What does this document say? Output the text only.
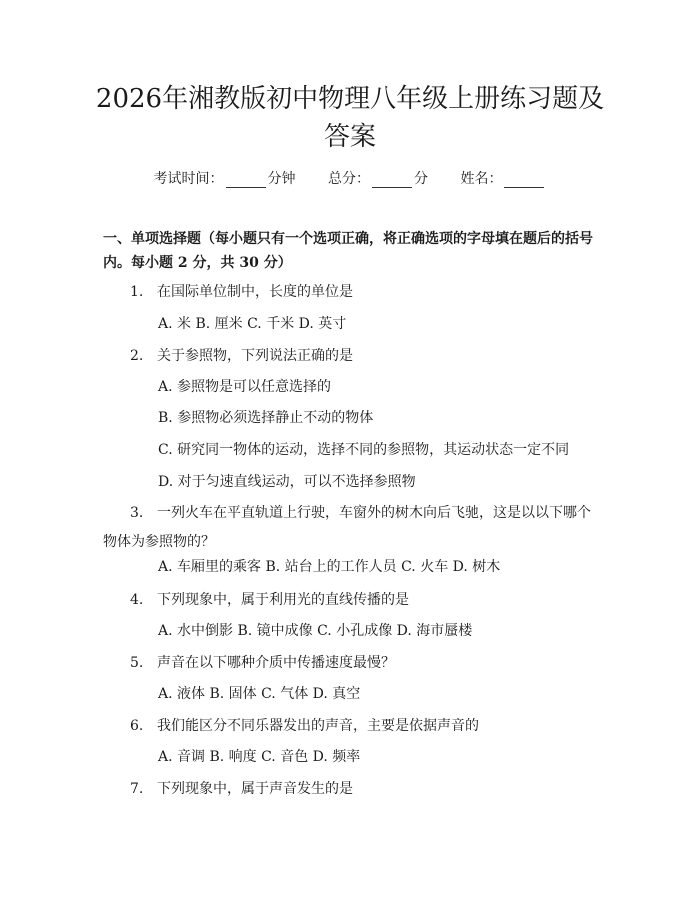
2026年湘教版初中物理八年级上册练习题及答案
考试时间：	分钟 总分：	分 姓名：
一、单项选择题（每小题只有一个选项正确，将正确选项的字母填在题后的括号内。每小题 2 分，共 30 分）
1. 在国际单位制中，长度的单位是
A. 米 B. 厘米 C. 千米 D. 英寸
2. 关于参照物，下列说法正确的是
A. 参照物是可以任意选择的
B. 参照物必须选择静止不动的物体
C. 研究同一物体的运动，选择不同的参照物，其运动状态一定不同
D. 对于匀速直线运动，可以不选择参照物
3. 一列火车在平直轨道上行驶，车窗外的树木向后飞驰，这是以以下哪个物体为参照物的？
A. 车厢里的乘客 B. 站台上的工作人员 C. 火车 D. 树木
4. 下列现象中，属于利用光的直线传播的是
A. 水中倒影 B. 镜中成像 C. 小孔成像 D. 海市蜃楼
5. 声音在以下哪种介质中传播速度最慢？
A. 液体 B. 固体 C. 气体 D. 真空
6. 我们能区分不同乐器发出的声音，主要是依据声音的
A. 音调 B. 响度 C. 音色 D. 频率
7. 下列现象中，属于声音发生的是
